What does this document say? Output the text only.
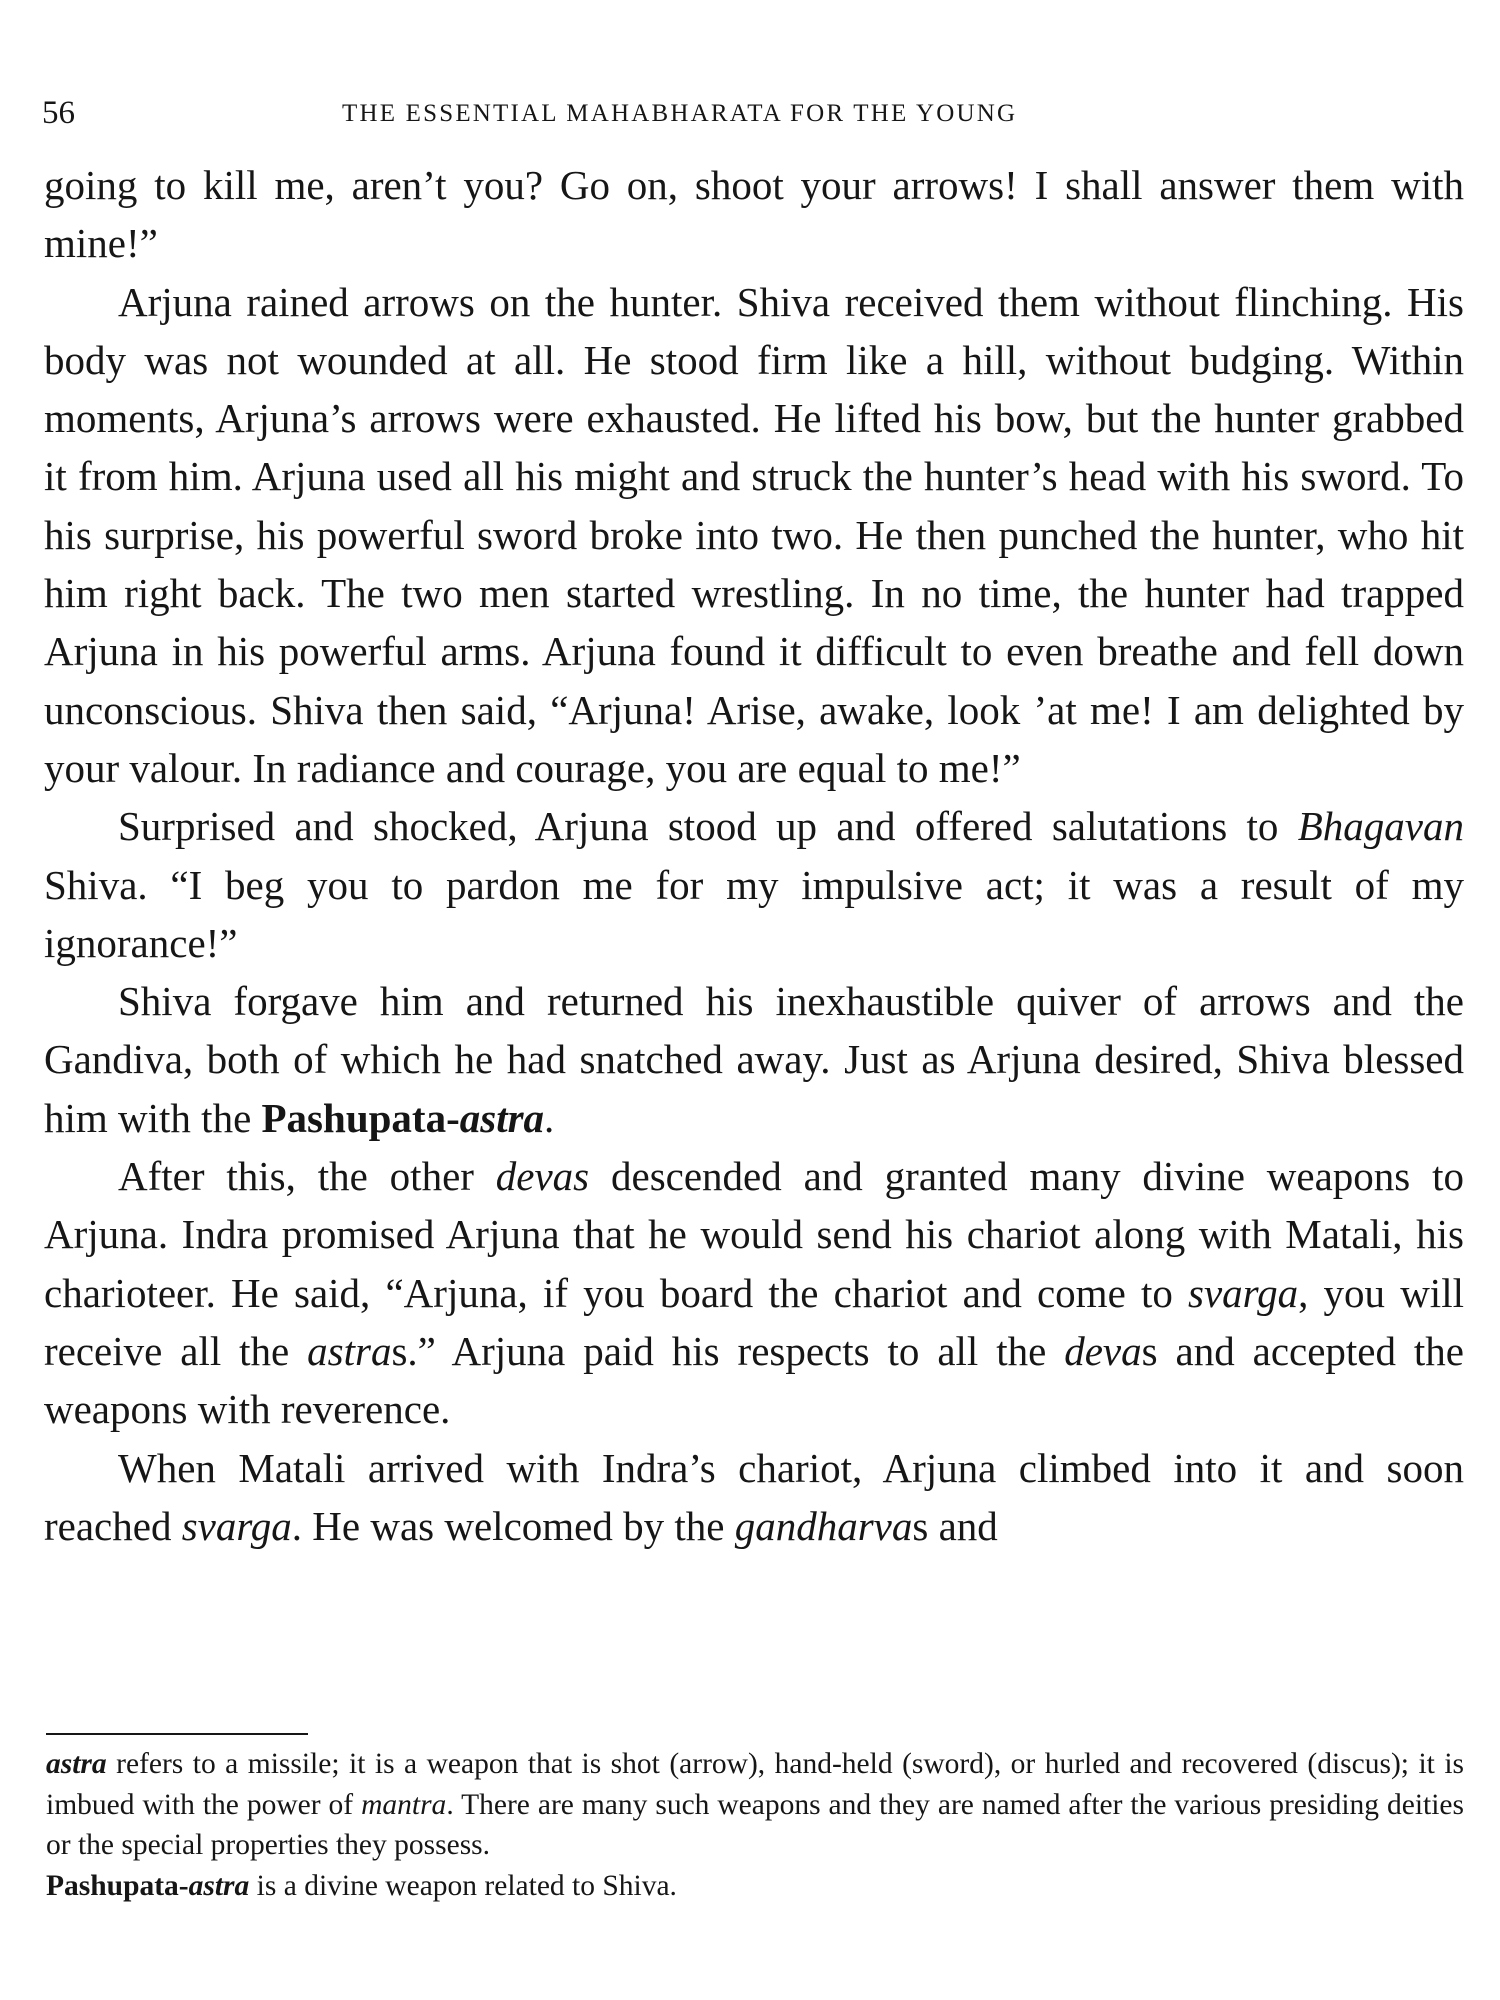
56	THE ESSENTIAL MAHABHARATA FOR THE YOUNG

going to kill me, aren’t you? Go on, shoot your arrows! I shall answer them with mine!”

Arjuna rained arrows on the hunter. Shiva received them without flinching. His body was not wounded at all. He stood firm like a hill, without budging. Within moments, Arjuna’s arrows were exhausted. He lifted his bow, but the hunter grabbed it from him. Arjuna used all his might and struck the hunter’s head with his sword. To his surprise, his powerful sword broke into two. He then punched the hunter, who hit him right back. The two men started wrestling. In no time, the hunter had trapped Arjuna in his powerful arms. Arjuna found it difficult to even breathe and fell down unconscious. Shiva then said, “Arjuna! Arise, awake, look ’at me! I am delighted by your valour. In radiance and courage, you are equal to me!”

Surprised and shocked, Arjuna stood up and offered salutations to Bhagavan Shiva. “I beg you to pardon me for my impulsive act; it was a result of my ignorance!”

Shiva forgave him and returned his inexhaustible quiver of arrows and the Gandiva, both of which he had snatched away. Just as Arjuna desired, Shiva blessed him with the Pashupata-astra.

After this, the other devas descended and granted many divine weapons to Arjuna. Indra promised Arjuna that he would send his chariot along with Matali, his charioteer. He said, “Arjuna, if you board the chariot and come to svarga, you will receive all the astras.” Arjuna paid his respects to all the devas and accepted the weapons with reverence.

When Matali arrived with Indra’s chariot, Arjuna climbed into it and soon reached svarga. He was welcomed by the gandharvas and

astra refers to a missile; it is a weapon that is shot (arrow), hand-held (sword), or hurled and recovered (discus); it is imbued with the power of mantra. There are many such weapons and they are named after the various presiding deities or the special properties they possess.

Pashupata-astra is a divine weapon related to Shiva.
